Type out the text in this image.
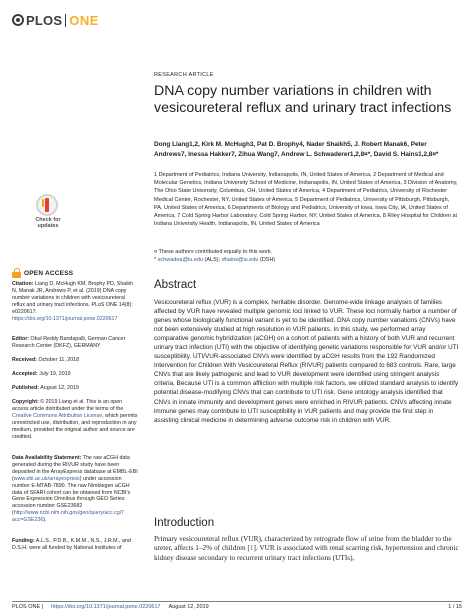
PLOS ONE
Check for updates
OPEN ACCESS
Citation: Liang D, McHugh KM, Brophy PD, Shaikh N, Manak JR, Andrews P, et al. (2019) DNA copy number variations in children with vesicoureteral reflux and urinary tract infections. PLoS ONE 14(8): e0220617. https://doi.org/10.1371/journal.pone.0220617
Editor: Obul Reddy Bandapalli, German Cancer Research Center (DKFZ), GERMANY
Received: October 11, 2018
Accepted: July 19, 2019
Published: August 12, 2019
Copyright: © 2019 Liang et al. This is an open access article distributed under the terms of the Creative Commons Attribution License, which permits unrestricted use, distribution, and reproduction in any medium, provided the original author and source are credited.
Data Availability Statement: The raw aCGH data generated during the RIVUR study have been deposited in the ArrayExpress database at EMBL-EBI (www.ebi.ac.uk/arrayexpress) under accession number E-MTAB-7890. The raw Nimblegen aCGH data of SFARI cohort can be obtained from NCBI's Gene Expression Omnibus through GEO Series accession number GSE23682 (http://www.ncbi.nlm.nih.gov/geo/query/acc.cgi?acc=GSE236).
Funding: A.L.S., P.D.B., K.M.M., N.S., J.R.M., and D.S.H. were all funded by National Institutes of
RESEARCH ARTICLE
DNA copy number variations in children with vesicoureteral reflux and urinary tract infections
Dong Liang1,2, Kirk M. McHugh3, Pat D. Brophy4, Nader Shaikh5, J. Robert Manak6, Peter Andrews7, Inessa Hakker7, Zihua Wang7, Andrew L. Schwaderer1,2,8¤*, David S. Hains1,2,8¤*
1 Department of Pediatrics, Indiana University, Indianapolis, IN, United States of America, 2 Department of Medical and Molecular Genetics, Indiana University School of Medicine, Indianapolis, IN, United States of America, 3 Division of Anatomy, The Ohio State University, Columbus, OH, United States of America, 4 Department of Pediatrics, University of Rochester Medical Center, Rochester, NY, United States of America, 5 Department of Pediatrics, University of Pittsburgh, Pittsburgh, PA, United States of America, 6 Departments of Biology and Pediatrics, University of Iowa, Iowa City, IA, United States of America, 7 Cold Spring Harbor Laboratory, Cold Spring Harbor, NY, United States of America, 8 Riley Hospital for Children at Indiana University Health, Indianapolis, IN, United States of America
¤ These authors contributed equally to this work.
* schwadea@iu.edu (ALS); dhains@iu.edu (DSH)
Abstract

Vesicoureteral reflux (VUR) is a complex, heritable disorder. Genome-wide linkage analyses of families affected by VUR have revealed multiple genomic loci linked to VUR. These loci normally harbor a number of genes whose biologically functional variant is yet to be identified. DNA copy number variations (CNVs) have not been extensively studied at high resolution in VUR patients. In this study, we performed array comparative genomic hybridization (aCGH) on a cohort of patients with a history of both VUR and recurrent urinary tract infection (UTI) with the objective of identifying genetic variations responsible for VUR and/or UTI susceptibility. UTI/VUR-associated CNVs were identified by aCGH results from the 192 Randomized Intervention for Children With Vesicoureteral Reflux (RIVUR) patients compared to 683 controls. Rare, large CNVs that are likely pathogenic and lead to VUR development were identified using stringent analysis criteria. Because UTI is a common affliction with multiple risk factors, we utilized standard analysis to identify potential disease-modifying CNVs that can contribute to UTI risk. Gene ontology analysis identified that CNVs in innate immunity and development genes were enriched in RIVUR patients. CNVs affecting innate immune genes may contribute to UTI susceptibility in VUR patients and may provide the first step in assisting clinical medicine in determining adverse outcome risk in children with VUR.

Introduction

Primary vesicoureteral reflux (VUR), characterized by retrograde flow of urine from the bladder to the ureter, affects 1–2% of children [1]. VUR is associated with renal scarring risk, hypertension and chronic kidney disease secondary to recurrent urinary tract infections (UTIs),

PLOS ONE | https://doi.org/10.1371/journal.pone.0220617 August 12, 2019	1 / 15
